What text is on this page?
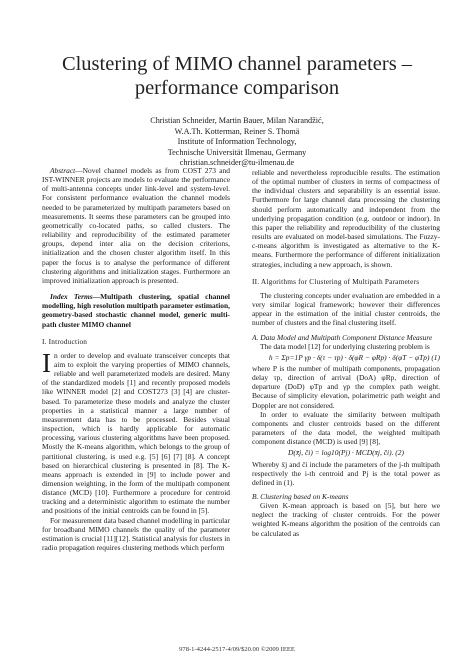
Clustering of MIMO channel parameters – performance comparison
Christian Schneider, Martin Bauer, Milan Narandžić,
W.A.Th. Kotterman, Reiner S. Thomä
Institute of Information Technology,
Technische Universität Ilmenau, Germany
christian.schneider@tu-ilmenau.de

Abstract—Novel channel models as from COST 273 and IST-WINNER projects are models to evaluate the performance of multi-antenna concepts under link-level and system-level. For consistent performance evaluation the channel models needed to be parameterized by multipath parameters based on measurements. It seems these parameters can be grouped into geometrically co-located paths, so called clusters. The reliability and reproducibility of the estimated parameter groups, depend inter alia on the decision criterions, initialization and the chosen cluster algorithm itself. In this paper the focus is to analyse the performance of different clustering algorithms and initialization stages. Furthermore an improved initialization approach is presented.

Index Terms—Multipath clustering, spatial channel modelling, high resolution multipath parameter estimation, geometry-based stochastic channel model, generic multi-path cluster MIMO channel

I. Introduction

In order to develop and evaluate transceiver concepts that aim to exploit the varying properties of MIMO channels, reliable and well parameterized models are desired. Many of the standardized models [1] and recently proposed models like WINNER model [2] and COST273 [3] [4] are cluster-based. To parameterize these models and analyze the cluster properties in a statistical manner a large number of measurement data has to be processed. Besides visual inspection, which is hardly applicable for automatic processing, various clustering algorithms have been proposed. Mostly the K-means algorithm, which belongs to the group of partitional clustering, is used e.g. [5] [6] [7] [8]. A concept based on hierarchical clustering is presented in [8]. The K-means approach is extended in [9] to include power and dimension weighting, in the form of the multipath component distance (MCD) [10]. Furthermore a procedure for centroid tracking and a deterministic algorithm to estimate the number and positions of the initial centroids can be found in [5].

For measurement data based channel modelling in particular for broadband MIMO channels the quality of the parameter estimation is crucial [11][12]. Statistical analysis for clusters in radio propagation requires clustering methods which perform

reliable and nevertheless reproducible results. The estimation of the optimal number of clusters in terms of compactness of the individual clusters and separability is an essential issue. Furthermore for large channel data processing the clustering should perform automatically and independent from the underlying propagation condition (e.g. outdoor or indoor). In this paper the reliability and reproducibility of the clustering results are evaluated on model-based simulations. The Fuzzy-c-means algorithm is investigated as alternative to the K-means. Furthermore the performance of different initialization strategies, including a new approach, is shown.

II. Algorithms for Clustering of Multipath Parameters

The clustering concepts under evaluation are embedded in a very similar logical framework; however their differences appear in the estimation of the initial cluster centroids, the number of clusters and the final clustering itself.

A. Data Model and Multipath Component Distance Measure

The data model [12] for underlying clustering problem is

h = Σp=1P γp · δ(τ − τp) · δ(φR − φRp) · δ(φT − φTp) (1)

where P is the number of multipath components, propagation delay τp, direction of arrival (DoA) φRp, direction of departure (DoD) φTp and γp the complex path weight. Because of simplicity elevation, polarimetric path weight and Doppler are not considered.

In order to evaluate the similarity between multipath components and cluster centroids based on the different parameters of the data model, the weighted multipath component distance (MCD) is used [9] [8],

D(x̄j, c̄i) = log10(Pj) · MCD(x̄j, c̄i). (2)

Whereby x̄j and c̄i include the parameters of the j-th multipath respectively the i-th centroid and Pj is the total power as defined in (1).

B. Clustering based on K-means

Given K-mean approach is based on [5], but here we neglect the tracking of cluster centroids. For the power weighted K-means algorithm the position of the centroids can be calculated as

978-1-4244-2517-4/09/$20.00 ©2009 IEEE
